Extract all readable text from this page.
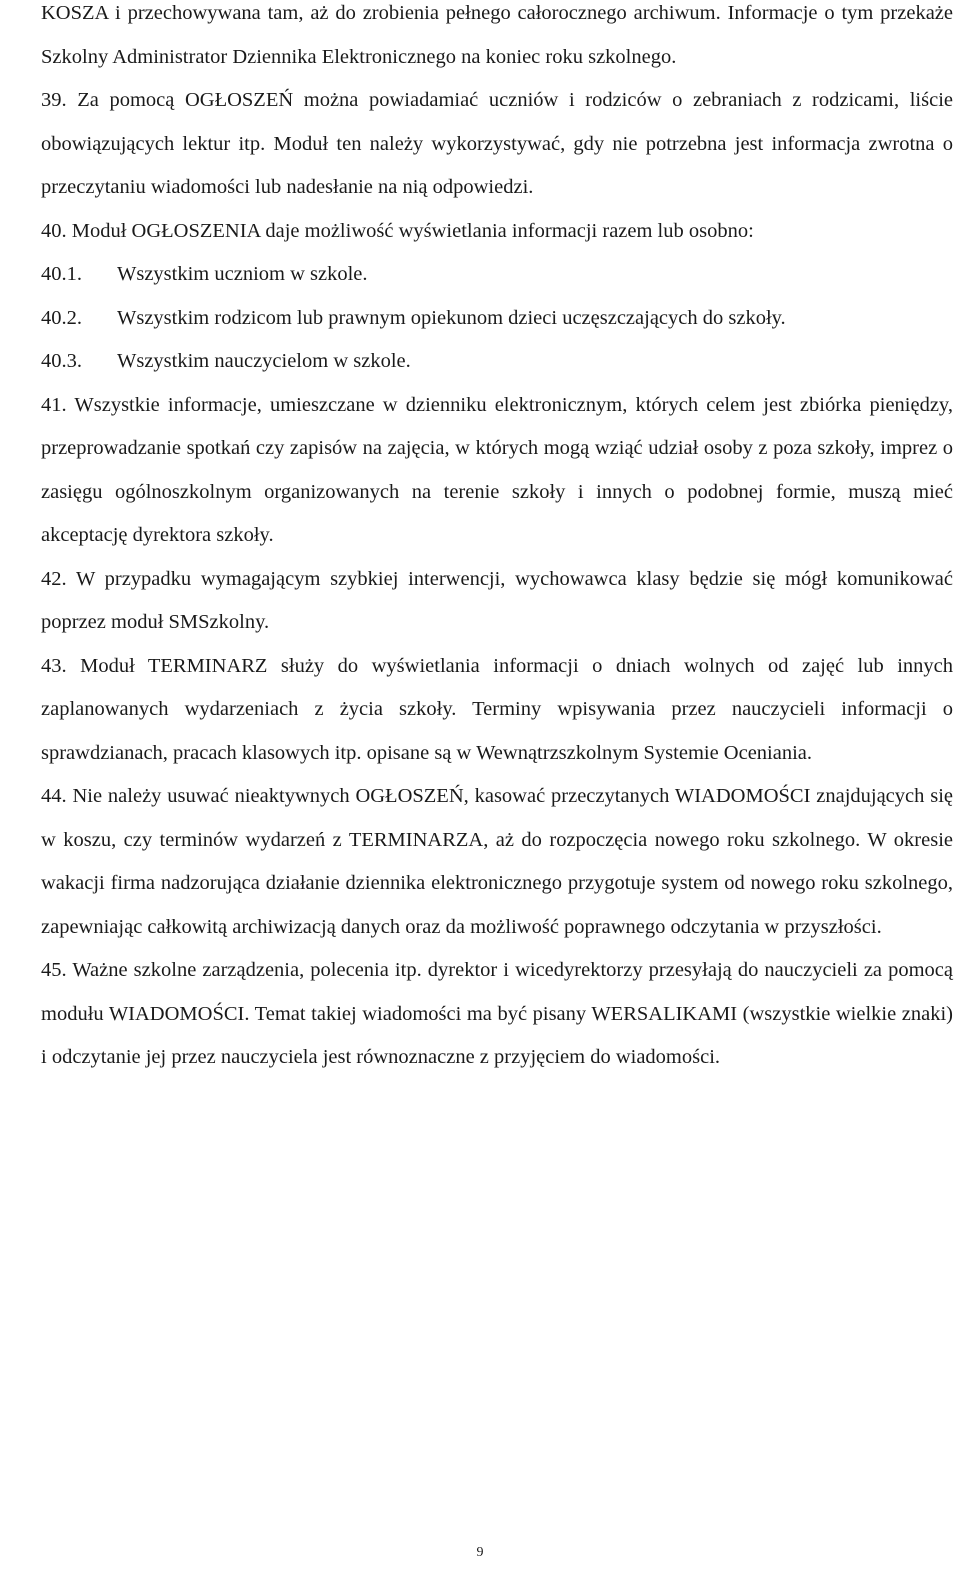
KOSZA i przechowywana tam, aż do zrobienia pełnego całorocznego archiwum. Informacje o tym przekaże Szkolny Administrator Dziennika Elektronicznego na koniec roku szkolnego.

39. Za pomocą OGŁOSZEŃ można powiadamiać uczniów i rodziców o zebraniach z rodzicami, liście obowiązujących lektur itp. Moduł ten należy wykorzystywać, gdy nie potrzebna jest informacja zwrotna o przeczytaniu wiadomości lub nadesłanie na nią odpowiedzi.

40. Moduł OGŁOSZENIA daje możliwość wyświetlania informacji razem lub osobno:

40.1.	Wszystkim uczniom w szkole.
40.2.	Wszystkim rodzicom lub prawnym opiekunom dzieci uczęszczających do szkoły.
40.3.	Wszystkim nauczycielom w szkole.

41. Wszystkie informacje, umieszczane w dzienniku elektronicznym, których celem jest zbiórka pieniędzy, przeprowadzanie spotkań czy zapisów na zajęcia, w których mogą wziąć udział osoby z poza szkoły, imprez o zasięgu ogólnoszkolnym organizowanych na terenie szkoły i innych o podobnej formie, muszą mieć akceptację dyrektora szkoły.

42. W przypadku wymagającym szybkiej interwencji, wychowawca klasy będzie się mógł komunikować poprzez moduł SMSzkolny.

43. Moduł TERMINARZ służy do wyświetlania informacji o dniach wolnych od zajęć lub innych zaplanowanych wydarzeniach z życia szkoły. Terminy wpisywania przez nauczycieli informacji o sprawdzianach, pracach klasowych itp. opisane są w Wewnątrzszkolnym Systemie Oceniania.

44. Nie należy usuwać nieaktywnych OGŁOSZEŃ, kasować przeczytanych WIADOMOŚCI znajdujących się w koszu, czy terminów wydarzeń z TERMINARZA, aż do rozpoczęcia nowego roku szkolnego. W okresie wakacji firma nadzorująca działanie dziennika elektronicznego przygotuje system od nowego roku szkolnego, zapewniając całkowitą archiwizacją danych oraz da możliwość poprawnego odczytania w przyszłości.

45. Ważne szkolne zarządzenia, polecenia itp. dyrektor i wicedyrektorzy przesyłają do nauczycieli za pomocą modułu WIADOMOŚCI. Temat takiej wiadomości ma być pisany WERSALIKAMI (wszystkie wielkie znaki) i odczytanie jej przez nauczyciela jest równoznaczne z przyjęciem do wiadomości.

9
